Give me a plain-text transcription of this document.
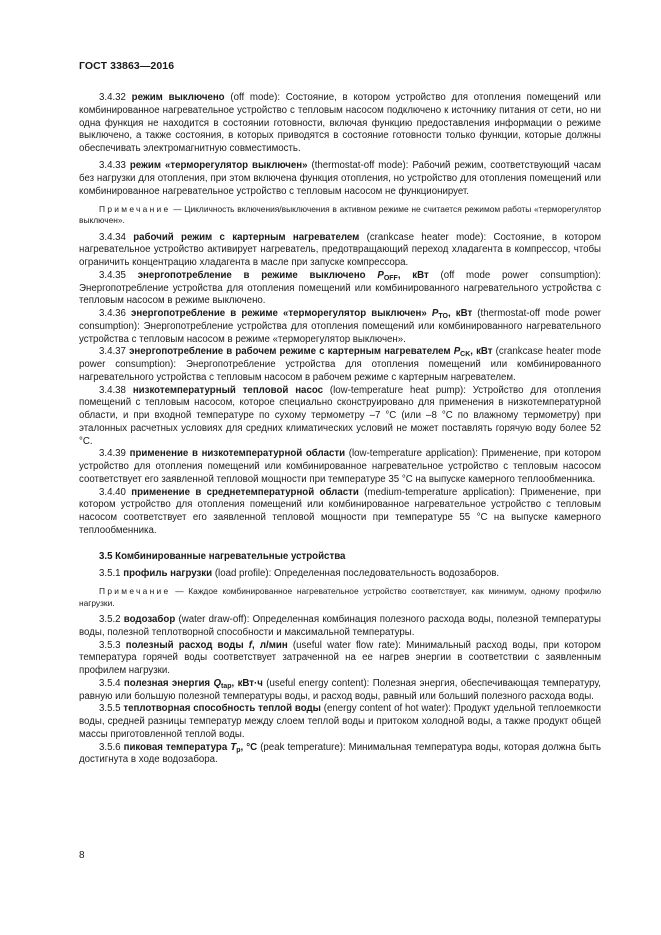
ГОСТ 33863—2016

3.4.32 режим выключено (off mode): Состояние, в котором устройство для отопления помещений или комбинированное нагревательное устройство с тепловым насосом подключено к источнику питания от сети, но ни одна функция не находится в состоянии готовности, включая функцию предоставления информации о режиме выключено, а также состояния, в которых приводятся в состояние готовности только функции, которые должны обеспечивать электромагнитную совместимость.

3.4.33 режим «терморегулятор выключен» (thermostat-off mode): Рабочий режим, соответствующий часам без нагрузки для отопления, при этом включена функция отопления, но устройство для отопления помещений или комбинированное нагревательное устройство с тепловым насосом не функционирует.

Примечание — Цикличность включения/выключения в активном режиме не считается режимом работы «терморегулятор выключен».

3.4.34 рабочий режим с картерным нагревателем (crankcase heater mode): Состояние, в котором нагревательное устройство активирует нагреватель, предотвращающий переход хладагента в компрессор, чтобы ограничить концентрацию хладагента в масле при запуске компрессора.

3.4.35 энергопотребление в режиме выключено $P_{OFF}$, кВт (off mode power consumption): Энергопотребление устройства для отопления помещений или комбинированного нагревательного устройства с тепловым насосом в режиме выключено.

3.4.36 энергопотребление в режиме «терморегулятор выключен» $P_{TO}$, кВт (thermostat-off mode power consumption): Энергопотребление устройства для отопления помещений или комбинированного нагревательного устройства с тепловым насосом в режиме «терморегулятор выключен».

3.4.37 энергопотребление в рабочем режиме с картерным нагревателем $P_{CK}$, кВт (crankcase heater mode power consumption): Энергопотребление устройства для отопления помещений или комбинированного нагревательного устройства с тепловым насосом в рабочем режиме с картерным нагревателем.

3.4.38 низкотемпературный тепловой насос (low-temperature heat pump): Устройство для отопления помещений с тепловым насосом, которое специально сконструировано для применения в низкотемпературной области, и при входной температуре по сухому термометру –7 °С (или –8 °С по влажному термометру) при эталонных расчетных условиях для средних климатических условий не может поставлять горячую воду более 52 °С.

3.4.39 применение в низкотемпературной области (low-temperature application): Применение, при котором устройство для отопления помещений или комбинированное нагревательное устройство с тепловым насосом соответствует его заявленной тепловой мощности при температуре 35 °С на выпуске камерного теплообменника.

3.4.40 применение в среднетемпературной области (medium-temperature application): Применение, при котором устройство для отопления помещений или комбинированное нагревательное устройство с тепловым насосом соответствует его заявленной тепловой мощности при температуре 55 °С на выпуске камерного теплообменника.

3.5 Комбинированные нагревательные устройства

3.5.1 профиль нагрузки (load profile): Определенная последовательность водозаборов.

Примечание — Каждое комбинированное нагревательное устройство соответствует, как минимум, одному профилю нагрузки.

3.5.2 водозабор (water draw-off): Определенная комбинация полезного расхода воды, полезной температуры воды, полезной теплотворной способности и максимальной температуры.

3.5.3 полезный расход воды f, л/мин (useful water flow rate): Минимальный расход воды, при котором температура горячей воды соответствует затраченной на ее нагрев энергии в соответствии с заявленным профилем нагрузки.

3.5.4 полезная энергия $Q_{tap}$, кВт·ч (useful energy content): Полезная энергия, обеспечивающая температуру, равную или большую полезной температуры воды, и расход воды, равный или больший полезного расхода воды.

3.5.5 теплотворная способность теплой воды (energy content of hot water): Продукт удельной теплоемкости воды, средней разницы температур между слоем теплой воды и притоком холодной воды, а также продукт общей массы приготовленной теплой воды.

3.5.6 пиковая температура $T_p$, °С (peak temperature): Минимальная температура воды, которая должна быть достигнута в ходе водозабора.

8
